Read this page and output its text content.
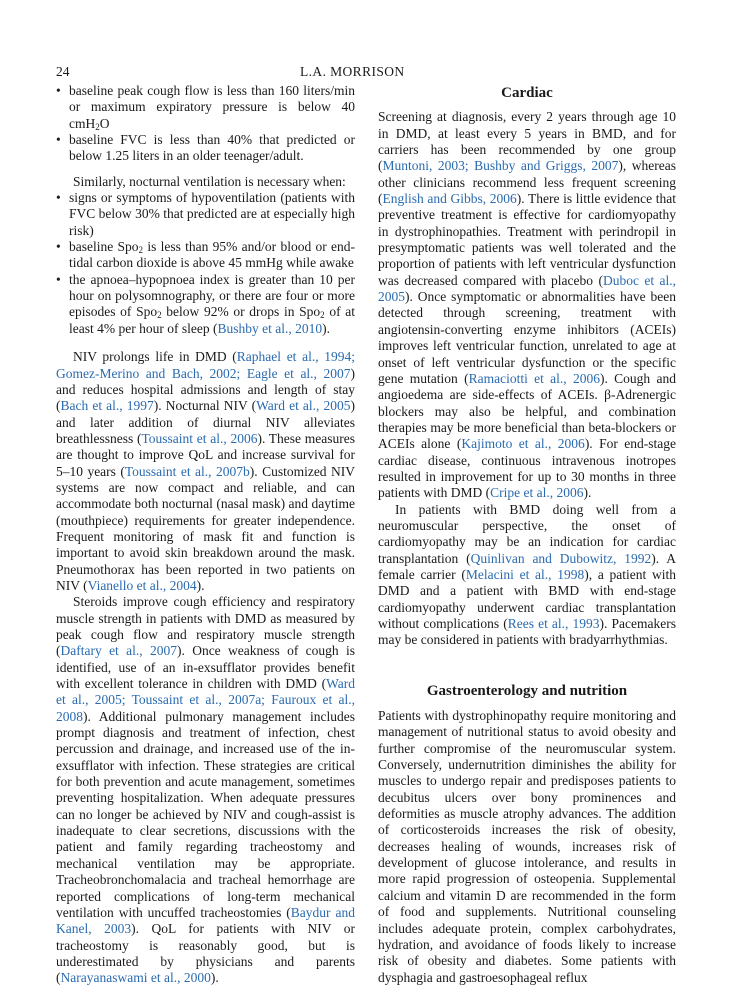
24	L.A. MORRISON
• baseline peak cough flow is less than 160 liters/min or maximum expiratory pressure is below 40 cmH$_2$O
• baseline FVC is less than 40% that predicted or below 1.25 liters in an older teenager/adult.

Similarly, nocturnal ventilation is necessary when:

• signs or symptoms of hypoventilation (patients with FVC below 30% that predicted are at especially high risk)
• baseline Spo$_2$ is less than 95% and/or blood or end-tidal carbon dioxide is above 45 mmHg while awake
• the apnoea–hypopnoea index is greater than 10 per hour on polysomnography, or there are four or more episodes of Spo$_2$ below 92% or drops in Spo$_2$ of at least 4% per hour of sleep (Bushby et al., 2010).

NIV prolongs life in DMD (Raphael et al., 1994; Gomez-Merino and Bach, 2002; Eagle et al., 2007) and reduces hospital admissions and length of stay (Bach et al., 1997). Nocturnal NIV (Ward et al., 2005) and later addition of diurnal NIV alleviates breathlessness (Toussaint et al., 2006). These measures are thought to improve QoL and increase survival for 5–10 years (Toussaint et al., 2007b). Customized NIV systems are now compact and reliable, and can accommodate both nocturnal (nasal mask) and daytime (mouthpiece) requirements for greater independence. Frequent monitoring of mask fit and function is important to avoid skin breakdown around the mask. Pneumothorax has been reported in two patients on NIV (Vianello et al., 2004).

Steroids improve cough efficiency and respiratory muscle strength in patients with DMD as measured by peak cough flow and respiratory muscle strength (Daftary et al., 2007). Once weakness of cough is identified, use of an in-exsufflator provides benefit with excellent tolerance in children with DMD (Ward et al., 2005; Toussaint et al., 2007a; Fauroux et al., 2008). Additional pulmonary management includes prompt diagnosis and treatment of infection, chest percussion and drainage, and increased use of the in-exsufflator with infection. These strategies are critical for both prevention and acute management, sometimes preventing hospitalization. When adequate pressures can no longer be achieved by NIV and cough-assist is inadequate to clear secretions, discussions with the patient and family regarding tracheostomy and mechanical ventilation may be appropriate. Tracheobronchomalacia and tracheal hemorrhage are reported complications of long-term mechanical ventilation with uncuffed tracheostomies (Baydur and Kanel, 2003). QoL for patients with NIV or tracheostomy is reasonably good, but is underestimated by physicians and parents (Narayanaswami et al., 2000).

Cardiac

Screening at diagnosis, every 2 years through age 10 in DMD, at least every 5 years in BMD, and for carriers has been recommended by one group (Muntoni, 2003; Bushby and Griggs, 2007), whereas other clinicians recommend less frequent screening (English and Gibbs, 2006). There is little evidence that preventive treatment is effective for cardiomyopathy in dystrophinopathies. Treatment with perindropil in presymptomatic patients was well tolerated and the proportion of patients with left ventricular dysfunction was decreased compared with placebo (Duboc et al., 2005). Once symptomatic or abnormalities have been detected through screening, treatment with angiotensin-converting enzyme inhibitors (ACEIs) improves left ventricular function, unrelated to age at onset of left ventricular dysfunction or the specific gene mutation (Ramaciotti et al., 2006). Cough and angioedema are side-effects of ACEIs. β-Adrenergic blockers may also be helpful, and combination therapies may be more beneficial than beta-blockers or ACEIs alone (Kajimoto et al., 2006). For end-stage cardiac disease, continuous intravenous inotropes resulted in improvement for up to 30 months in three patients with DMD (Cripe et al., 2006).

In patients with BMD doing well from a neuromuscular perspective, the onset of cardiomyopathy may be an indication for cardiac transplantation (Quinlivan and Dubowitz, 1992). A female carrier (Melacini et al., 1998), a patient with DMD and a patient with BMD with end-stage cardiomyopathy underwent cardiac transplantation without complications (Rees et al., 1993). Pacemakers may be considered in patients with bradyarrhythmias.

Gastroenterology and nutrition

Patients with dystrophinopathy require monitoring and management of nutritional status to avoid obesity and further compromise of the neuromuscular system. Conversely, undernutrition diminishes the ability for muscles to undergo repair and predisposes patients to decubitus ulcers over bony prominences and deformities as muscle atrophy advances. The addition of corticosteroids increases the risk of obesity, decreases healing of wounds, increases risk of development of glucose intolerance, and results in more rapid progression of osteopenia. Supplemental calcium and vitamin D are recommended in the form of food and supplements. Nutritional counseling includes adequate protein, complex carbohydrates, hydration, and avoidance of foods likely to increase risk of obesity and diabetes. Some patients with dysphagia and gastroesophageal reflux
